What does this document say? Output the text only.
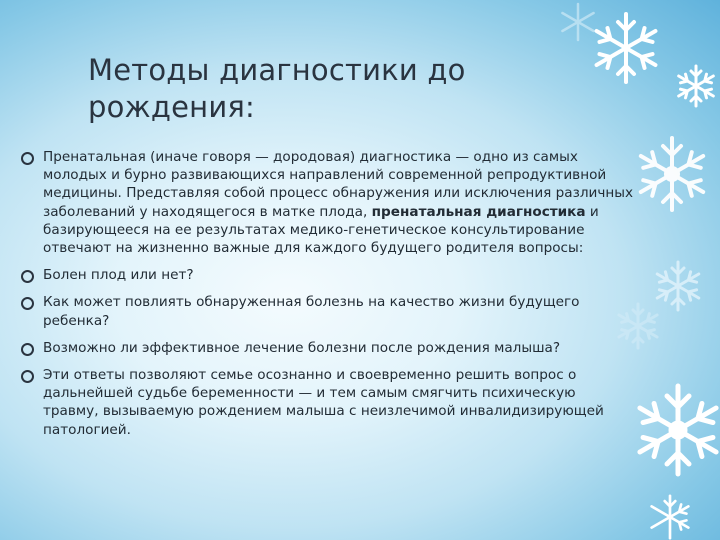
Методы диагностики до рождения:
Пренатальная (иначе говоря — дородовая) диагностика — одно из самых молодых и бурно развивающихся направлений современной репродуктивной медицины. Представляя собой процесс обнаружения или исключения различных заболеваний у находящегося в матке плода, пренатальная диагностика и базирующееся на ее результатах медико-генетическое консультирование отвечают на жизненно важные для каждого будущего родителя вопросы:
Болен плод или нет?
Как может повлиять обнаруженная болезнь на качество жизни будущего ребенка?
Возможно ли эффективное лечение болезни после рождения малыша?
Эти ответы позволяют семье осознанно и своевременно решить вопрос о дальнейшей судьбе беременности — и тем самым смягчить психическую травму, вызываемую рождением малыша с неизлечимой инвалидизирующей патологией.
